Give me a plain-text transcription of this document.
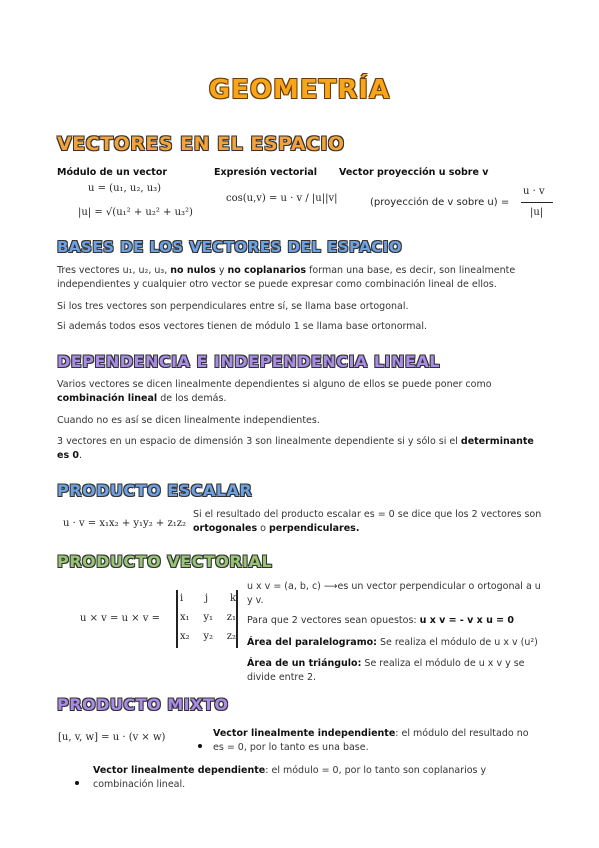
GEOMETRÍA
VECTORES EN EL ESPACIO
Módulo de un vector
u = (u₁, u₂, u₃)
|u| = √(u₁² + u₂² + u₃²)
Expresión vectorial
cos(u,v) = u · v / |u||v|
Vector proyección u sobre v
(proyección de v sobre u) =
u · v
|u|
BASES DE LOS VECTORES DEL ESPACIO
Tres vectores u₁, u₂, u₃, no nulos y no coplanarios forman una base, es decir, son linealmente independientes y cualquier otro vector se puede expresar como combinación lineal de ellos.
Si los tres vectores son perpendiculares entre sí, se llama base ortogonal.
Si además todos esos vectores tienen de módulo 1 se llama base ortonormal.
DEPENDENCIA E INDEPENDENCIA LINEAL
Varios vectores se dicen linealmente dependientes si alguno de ellos se puede poner como combinación lineal de los demás.
Cuando no es así se dicen linealmente independientes.
3 vectores en un espacio de dimensión 3 son linealmente dependiente si y sólo si el determinante es 0.
PRODUCTO ESCALAR
u · v = x₁x₂ + y₁y₂ + z₁z₂
Si el resultado del producto escalar es = 0 se dice que los 2 vectores son ortogonales o perpendiculares.
PRODUCTO VECTORIAL
u × v = u × v =
i j k
x₁ y₁ z₁
x₂ y₂ z₂
u x v = (a, b, c) ⟶es un vector perpendicular o ortogonal a u y v.
Para que 2 vectores sean opuestos: u x v = - v x u = 0
Área del paralelogramo: Se realiza el módulo de u x v (u²)
Área de un triángulo: Se realiza el módulo de u x v y se divide entre 2.
PRODUCTO MIXTO
[u, v, w] = u · (v × w)	Vector linealmente independiente: el módulo del resultado no es = 0, por lo tanto es una base.
Vector linealmente dependiente: el módulo = 0, por lo tanto son coplanarios y combinación lineal.
